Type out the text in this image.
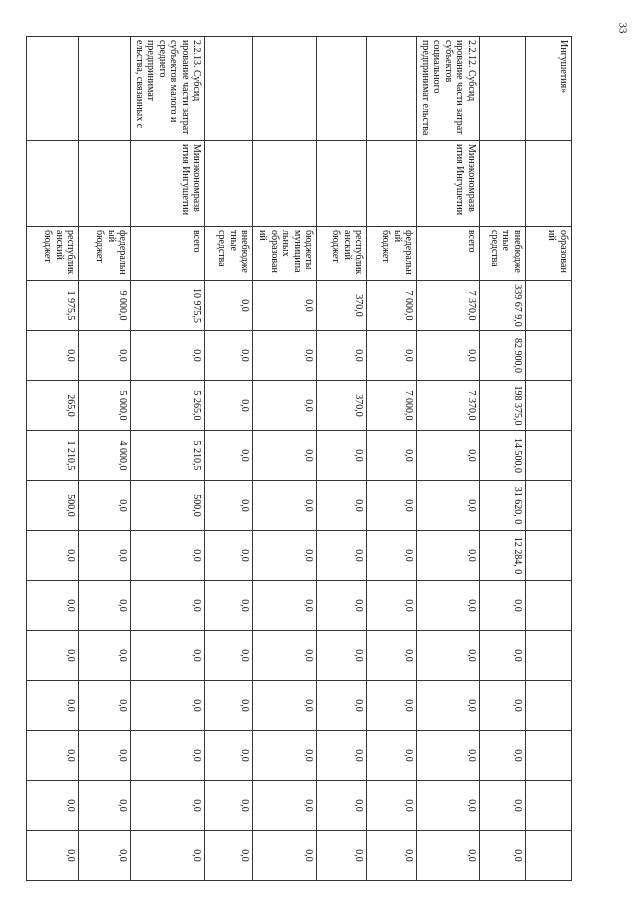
33
Ингушетия»		образован ий												
		внебюдже тные средства	339 67 9,0	82 900,0	198 375,0	14 500,0	31 620, 0	12 284, 0	0,0	0,0	0,0	0,0	0,0	0,0
2.2.12. Субсид ирование части затрат субъектов социального предпринимат ельства	Минэкономразв ития Ингушетии	всего	7 370,0	0,0	7 370,0	0,0	0,0	0,0	0,0	0,0	0,0	0,0	0,0	0,0
		федеральн ый бюджет	7 000,0	0,0	7 000,0	0,0	0,0	0,0	0,0	0,0	0,0	0,0	0,0	0,0
		республик анский бюджет	370,0	0,0	370,0	0,0	0,0	0,0	0,0	0,0	0,0	0,0	0,0	0,0
		бюджеты муниципа льных образован ий	0,0	0,0	0,0	0,0	0,0	0,0	0,0	0,0	0,0	0,0	0,0	0,0
		внебюдже тные средства	0,0	0,0	0,0	0,0	0,0	0,0	0,0	0,0	0,0	0,0	0,0	0,0
2.2.13. Субсид ирование части затрат субъектов малого и среднего предпринимат ельства, связанных с	Минэкономразв ития Ингушетии	всего	10 975,5	0,0	5 265,0	5 210,5	500,0	0,0	0,0	0,0	0,0	0,0	0,0	0,0
		федеральн ый бюджет	9 000,0	0,0	5 000,0	4 000,0	0,0	0,0	0,0	0,0	0,0	0,0	0,0	0,0
		республик анский бюджет	1 975,5	0,0	265,0	1 210,5	500,0	0,0	0,0	0,0	0,0	0,0	0,0	0,0
